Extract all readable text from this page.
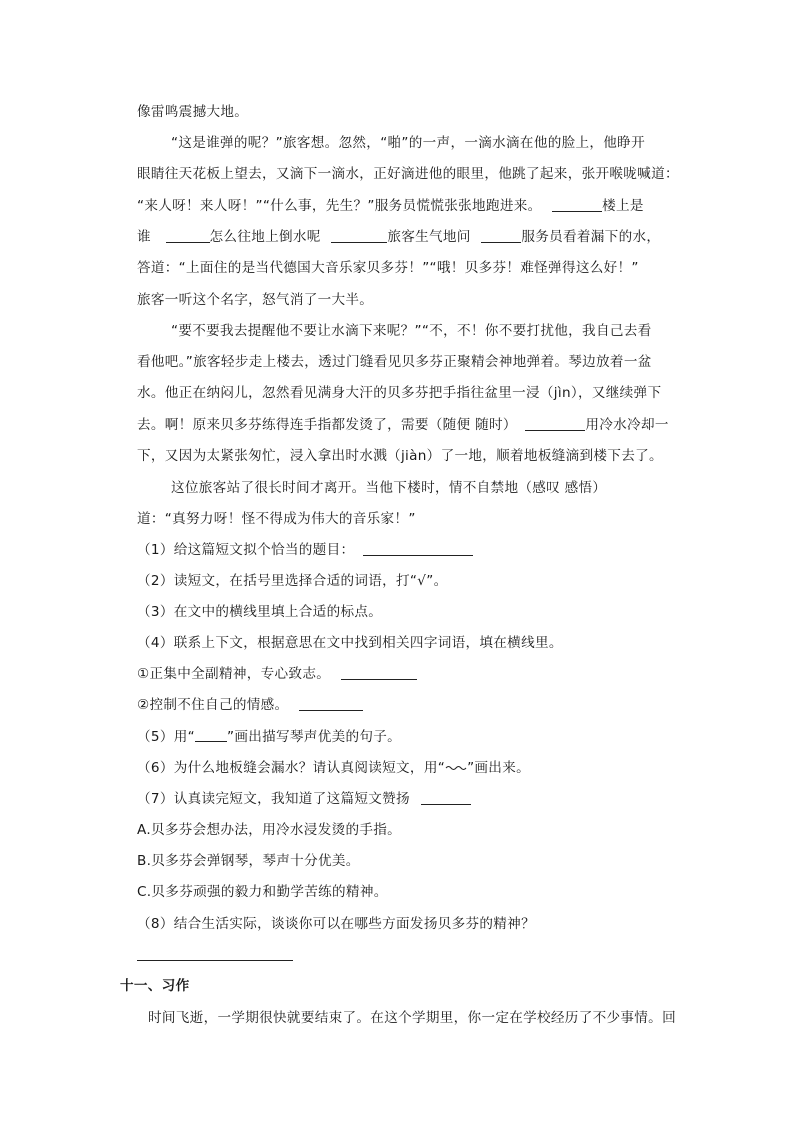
像雷鸣震撼大地。
“这是谁弹的呢？”旅客想。忽然，“啪”的一声，一滴水滴在他的脸上，他睁开
眼睛往天花板上望去，又滴下一滴水，正好滴进他的眼里，他跳了起来，张开喉咙喊道：
“来人呀！来人呀！”“什么事，先生？”服务员慌慌张张地跑进来。	楼上是
谁	怎么往地上倒水呢	旅客生气地问	服务员看着漏下的水，
答道：“上面住的是当代德国大音乐家贝多芬！”“哦！贝多芬！难怪弹得这么好！”
旅客一听这个名字，怒气消了一大半。
“要不要我去提醒他不要让水滴下来呢？”“不，不！你不要打扰他，我自己去看
看他吧。”旅客轻步走上楼去，透过门缝看见贝多芬正聚精会神地弹着。琴边放着一盆
水。他正在纳闷儿，忽然看见满身大汗的贝多芬把手指往盆里一浸（jìn），又继续弹下
去。啊！原来贝多芬练得连手指都发烫了，需要（随便 随时）	用冷水冷却一
下，又因为太紧张匆忙，浸入拿出时水溅（jiàn）了一地，顺着地板缝滴到楼下去了。
这位旅客站了很长时间才离开。当他下楼时，情不自禁地（感叹 感悟）
道：“真努力呀！怪不得成为伟大的音乐家！”
（1）给这篇短文拟个恰当的题目：
（2）读短文，在括号里选择合适的词语，打“√”。
（3）在文中的横线里填上合适的标点。
（4）联系上下文，根据意思在文中找到相关四字词语，填在横线里。
①正集中全副精神，专心致志。
②控制不住自己的情感。
（5）用“ ”画出描写琴声优美的句子。
（6）为什么地板缝会漏水？请认真阅读短文，用“ ”画出来。
（7）认真读完短文，我知道了这篇短文赞扬
A.贝多芬会想办法，用冷水浸发烫的手指。
B.贝多芬会弹钢琴，琴声十分优美。
C.贝多芬顽强的毅力和勤学苦练的精神。
（8）结合生活实际，谈谈你可以在哪些方面发扬贝多芬的精神？
十一、习作
时间飞逝，一学期很快就要结束了。在这个学期里，你一定在学校经历了不少事情。回
